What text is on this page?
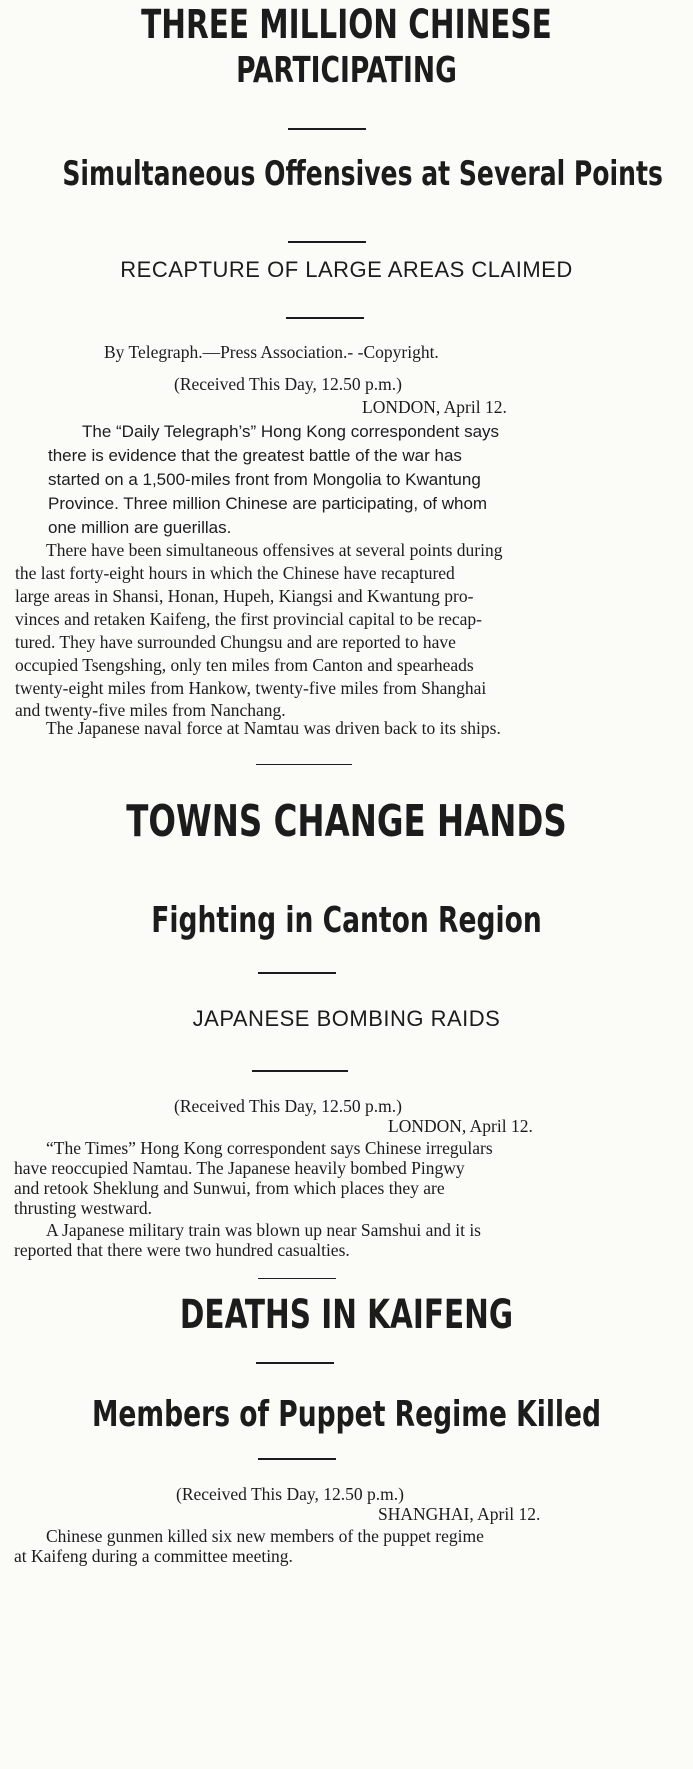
THREE MILLION CHINESE
PARTICIPATING
Simultaneous Offensives at Several Points
RECAPTURE OF LARGE AREAS CLAIMED

By Telegraph.—Press Association.- -Copyright.

(Received This Day, 12.50 p.m.)

LONDON, April 12.

The “Daily Telegraph’s” Hong Kong correspondent says

there is evidence that the greatest battle of the war has

started on a 1,500-miles front from Mongolia to Kwantung

Province. Three million Chinese are participating, of whom

one million are guerillas.

There have been simultaneous offensives at several points during

the last forty-eight hours in which the Chinese have recaptured

large areas in Shansi, Honan, Hupeh, Kiangsi and Kwantung pro-

vinces and retaken Kaifeng, the first provincial capital to be recap-

tured. They have surrounded Chungsu and are reported to have

occupied Tsengshing, only ten miles from Canton and spearheads

twenty-eight miles from Hankow, twenty-five miles from Shanghai

and twenty-five miles from Nanchang.

The Japanese naval force at Namtau was driven back to its ships.

TOWNS CHANGE HANDS
Fighting in Canton Region
JAPANESE BOMBING RAIDS

(Received This Day, 12.50 p.m.)

LONDON, April 12.

“The Times” Hong Kong correspondent says Chinese irregulars

have reoccupied Namtau. The Japanese heavily bombed Pingwy

and retook Sheklung and Sunwui, from which places they are

thrusting westward.

A Japanese military train was blown up near Samshui and it is

reported that there were two hundred casualties.

DEATHS IN KAIFENG
Members of Puppet Regime Killed

(Received This Day, 12.50 p.m.)

SHANGHAI, April 12.

Chinese gunmen killed six new members of the puppet regime

at Kaifeng during a committee meeting.
